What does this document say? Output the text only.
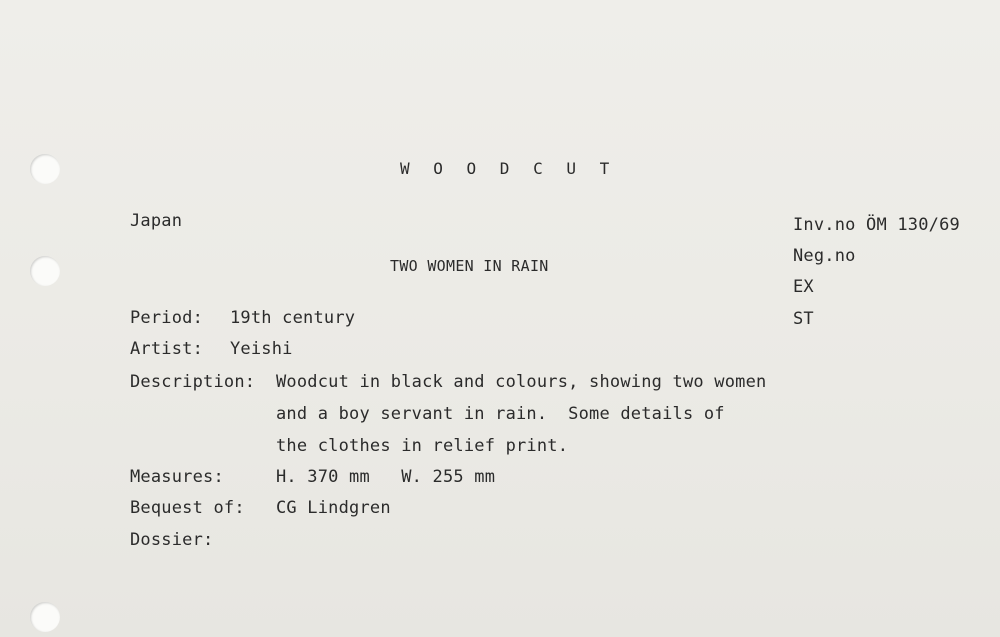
W O O D C U T
Japan
TWO WOMEN IN RAIN
Inv.no ÖM 130/69
Neg.no
EX
ST
Period: 19th century
Artist: Yeishi
Description: Woodcut in black and colours, showing two women
and a boy servant in rain.  Some details of
the clothes in relief print.
Measures:	H. 370 mm   W. 255 mm
Bequest of: CG Lindgren
Dossier:
